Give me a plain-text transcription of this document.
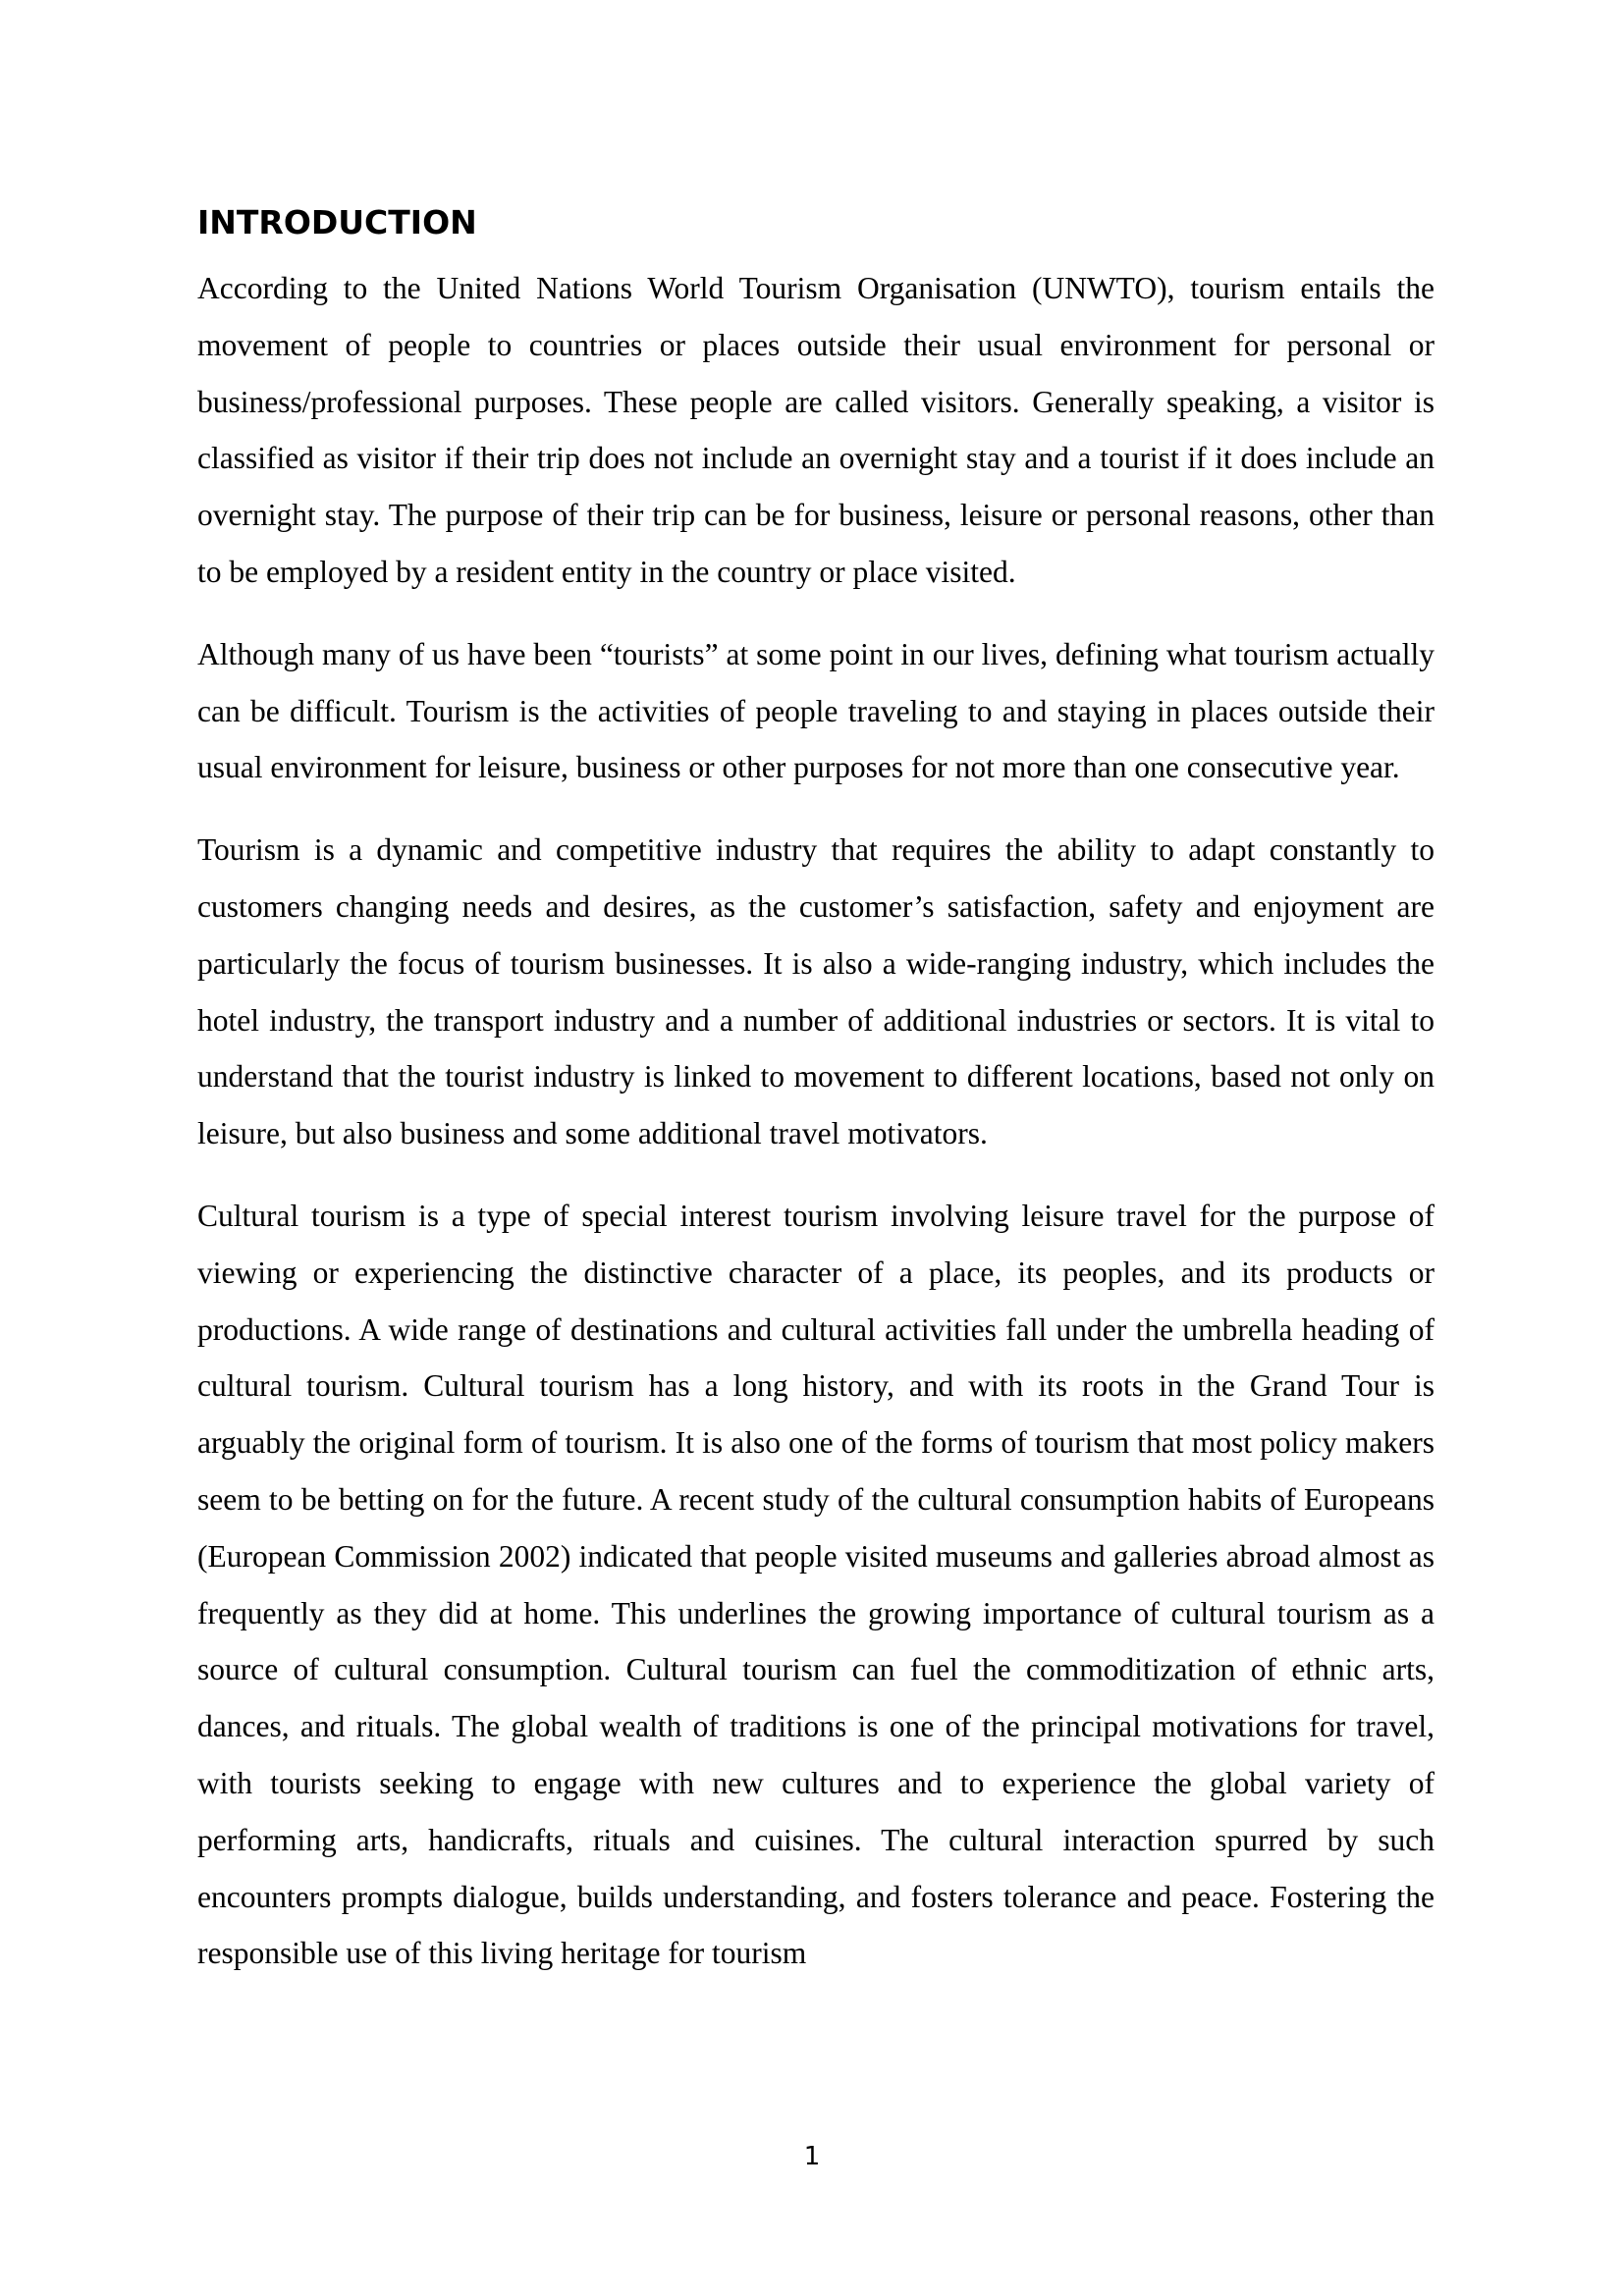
INTRODUCTION

According to the United Nations World Tourism Organisation (UNWTO), tourism entails the movement of people to countries or places outside their usual environment for personal or business/professional purposes. These people are called visitors. Generally speaking, a visitor is classified as visitor if their trip does not include an overnight stay and a tourist if it does include an overnight stay. The purpose of their trip can be for business, leisure or personal reasons, other than to be employed by a resident entity in the country or place visited.

Although many of us have been “tourists” at some point in our lives, defining what tourism actually can be difficult. Tourism is the activities of people traveling to and staying in places outside their usual environment for leisure, business or other purposes for not more than one consecutive year.

Tourism is a dynamic and competitive industry that requires the ability to adapt constantly to customers changing needs and desires, as the customer’s satisfaction, safety and enjoyment are particularly the focus of tourism businesses. It is also a wide-ranging industry, which includes the hotel industry, the transport industry and a number of additional industries or sectors. It is vital to understand that the tourist industry is linked to movement to different locations, based not only on leisure, but also business and some additional travel motivators.

Cultural tourism is a type of special interest tourism involving leisure travel for the purpose of viewing or experiencing the distinctive character of a place, its peoples, and its products or productions. A wide range of destinations and cultural activities fall under the umbrella heading of cultural tourism. Cultural tourism has a long history, and with its roots in the Grand Tour is arguably the original form of tourism. It is also one of the forms of tourism that most policy makers seem to be betting on for the future. A recent study of the cultural consumption habits of Europeans (European Commission 2002) indicated that people visited museums and galleries abroad almost as frequently as they did at home. This underlines the growing importance of cultural tourism as a source of cultural consumption. Cultural tourism can fuel the commoditization of ethnic arts, dances, and rituals. The global wealth of traditions is one of the principal motivations for travel, with tourists seeking to engage with new cultures and to experience the global variety of performing arts, handicrafts, rituals and cuisines. The cultural interaction spurred by such encounters prompts dialogue, builds understanding, and fosters tolerance and peace. Fostering the responsible use of this living heritage for tourism

1
